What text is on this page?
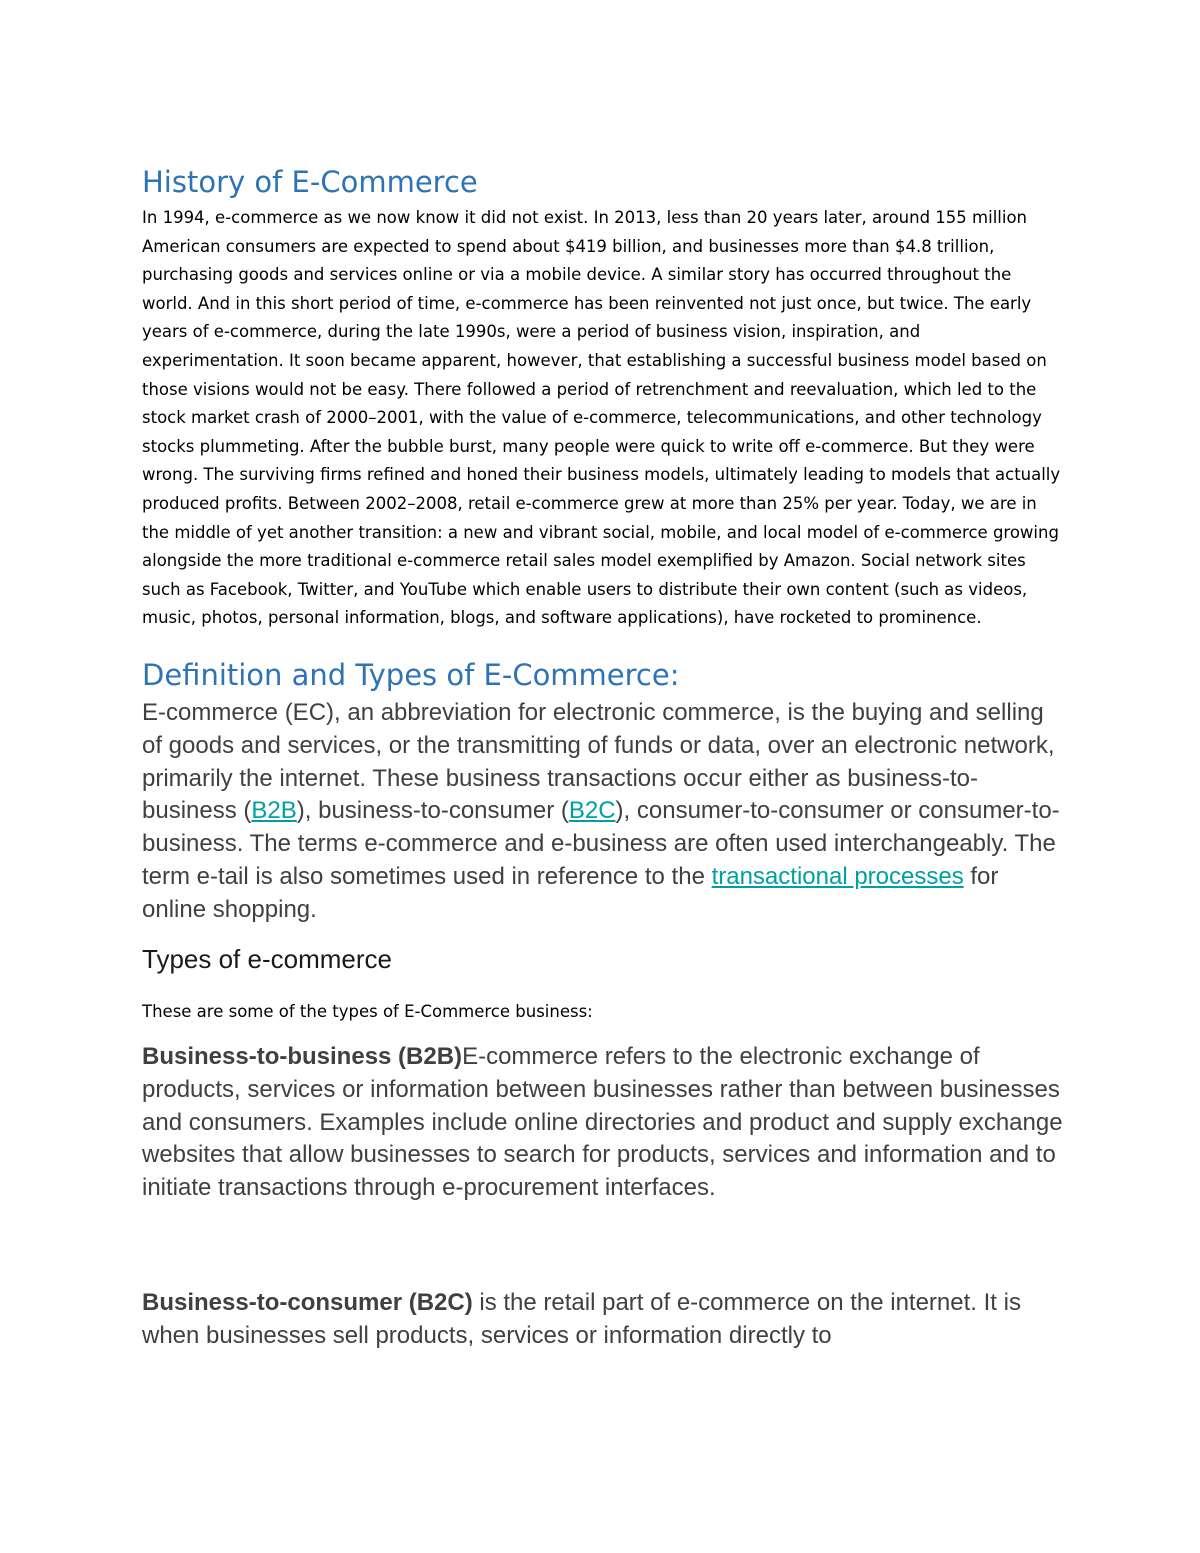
History of E-Commerce

In 1994, e-commerce as we now know it did not exist. In 2013, less than 20 years later, around 155 million American consumers are expected to spend about $419 billion, and businesses more than $4.8 trillion, purchasing goods and services online or via a mobile device. A similar story has occurred throughout the world. And in this short period of time, e-commerce has been reinvented not just once, but twice. The early years of e-commerce, during the late 1990s, were a period of business vision, inspiration, and experimentation. It soon became apparent, however, that establishing a successful business model based on those visions would not be easy. There followed a period of retrenchment and reevaluation, which led to the stock market crash of 2000–2001, with the value of e-commerce, telecommunications, and other technology stocks plummeting. After the bubble burst, many people were quick to write off e-commerce. But they were wrong. The surviving firms refined and honed their business models, ultimately leading to models that actually produced profits. Between 2002–2008, retail e-commerce grew at more than 25% per year. Today, we are in the middle of yet another transition: a new and vibrant social, mobile, and local model of e-commerce growing alongside the more traditional e-commerce retail sales model exemplified by Amazon. Social network sites such as Facebook, Twitter, and YouTube which enable users to distribute their own content (such as videos, music, photos, personal information, blogs, and software applications), have rocketed to prominence.

Definition and Types of E-Commerce:

E-commerce (EC), an abbreviation for electronic commerce, is the buying and selling of goods and services, or the transmitting of funds or data, over an electronic network, primarily the internet. These business transactions occur either as business-to-business (B2B), business-to-consumer (B2C), consumer-to-consumer or consumer-to-business. The terms e-commerce and e-business are often used interchangeably. The term e-tail is also sometimes used in reference to the transactional processes for online shopping.

Types of e-commerce

These are some of the types of E-Commerce business:

Business-to-business (B2B)E-commerce refers to the electronic exchange of products, services or information between businesses rather than between businesses and consumers. Examples include online directories and product and supply exchange websites that allow businesses to search for products, services and information and to initiate transactions through e-procurement interfaces.

Business-to-consumer (B2C) is the retail part of e-commerce on the internet. It is when businesses sell products, services or information directly to
